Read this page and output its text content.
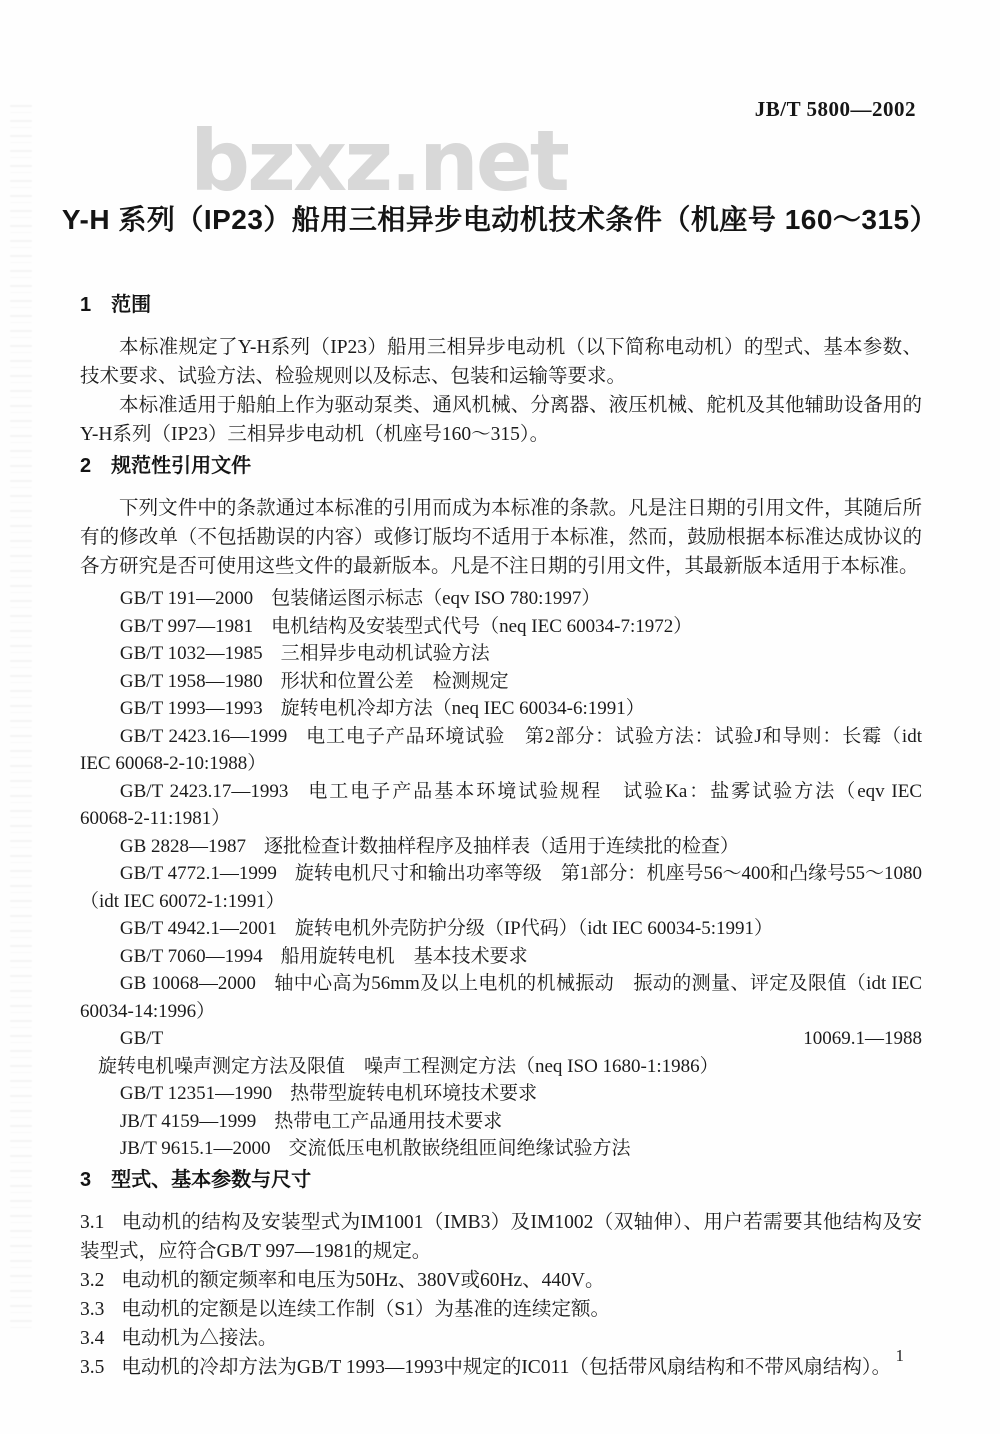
JB/T 5800—2002
bzxz.net
Y-H 系列（IP23）船用三相异步电动机技术条件（机座号 160～315）
1 范围

本标准规定了Y-H系列（IP23）船用三相异步电动机（以下简称电动机）的型式、基本参数、技术要求、试验方法、检验规则以及标志、包装和运输等要求。

本标准适用于船舶上作为驱动泵类、通风机械、分离器、液压机械、舵机及其他辅助设备用的Y-H系列（IP23）三相异步电动机（机座号160～315）。

2 规范性引用文件

下列文件中的条款通过本标准的引用而成为本标准的条款。凡是注日期的引用文件，其随后所有的修改单（不包括勘误的内容）或修订版均不适用于本标准，然而，鼓励根据本标准达成协议的各方研究是否可使用这些文件的最新版本。凡是不注日期的引用文件，其最新版本适用于本标准。

GB/T 191—2000 包装储运图示标志（eqv ISO 780:1997）

GB/T 997—1981 电机结构及安装型式代号（neq IEC 60034-7:1972）

GB/T 1032—1985 三相异步电动机试验方法

GB/T 1958—1980 形状和位置公差　检测规定

GB/T 1993—1993 旋转电机冷却方法（neq IEC 60034-6:1991）

GB/T 2423.16—1999 电工电子产品环境试验　第2部分：试验方法：试验J和导则：长霉（idt IEC 60068-2-10:1988）

GB/T 2423.17—1993 电工电子产品基本环境试验规程　试验Ka：盐雾试验方法（eqv IEC 60068-2-11:1981）

GB 2828—1987 逐批检查计数抽样程序及抽样表（适用于连续批的检查）

GB/T 4772.1—1999 旋转电机尺寸和输出功率等级　第1部分：机座号56～400和凸缘号55～1080（idt IEC 60072-1:1991）

GB/T 4942.1—2001 旋转电机外壳防护分级（IP代码）（idt IEC 60034-5:1991）

GB/T 7060—1994 船用旋转电机　基本技术要求

GB 10068—2000 轴中心高为56mm及以上电机的机械振动　振动的测量、评定及限值（idt IEC 60034-14:1996）

GB/T 10069.1—1988旋转电机噪声测定方法及限值　噪声工程测定方法（neq ISO 1680-1:1986）

GB/T 12351—1990 热带型旋转电机环境技术要求

JB/T 4159—1999 热带电工产品通用技术要求

JB/T 9615.1—2000 交流低压电机散嵌绕组匝间绝缘试验方法

3 型式、基本参数与尺寸

3.1 电动机的结构及安装型式为IM1001（IMB3）及IM1002（双轴伸）、用户若需要其他结构及安装型式，应符合GB/T 997—1981的规定。

3.2 电动机的额定频率和电压为50Hz、380V或60Hz、440V。

3.3 电动机的定额是以连续工作制（S1）为基准的连续定额。

3.4 电动机为△接法。

3.5 电动机的冷却方法为GB/T 1993—1993中规定的IC011（包括带风扇结构和不带风扇结构）。

1
